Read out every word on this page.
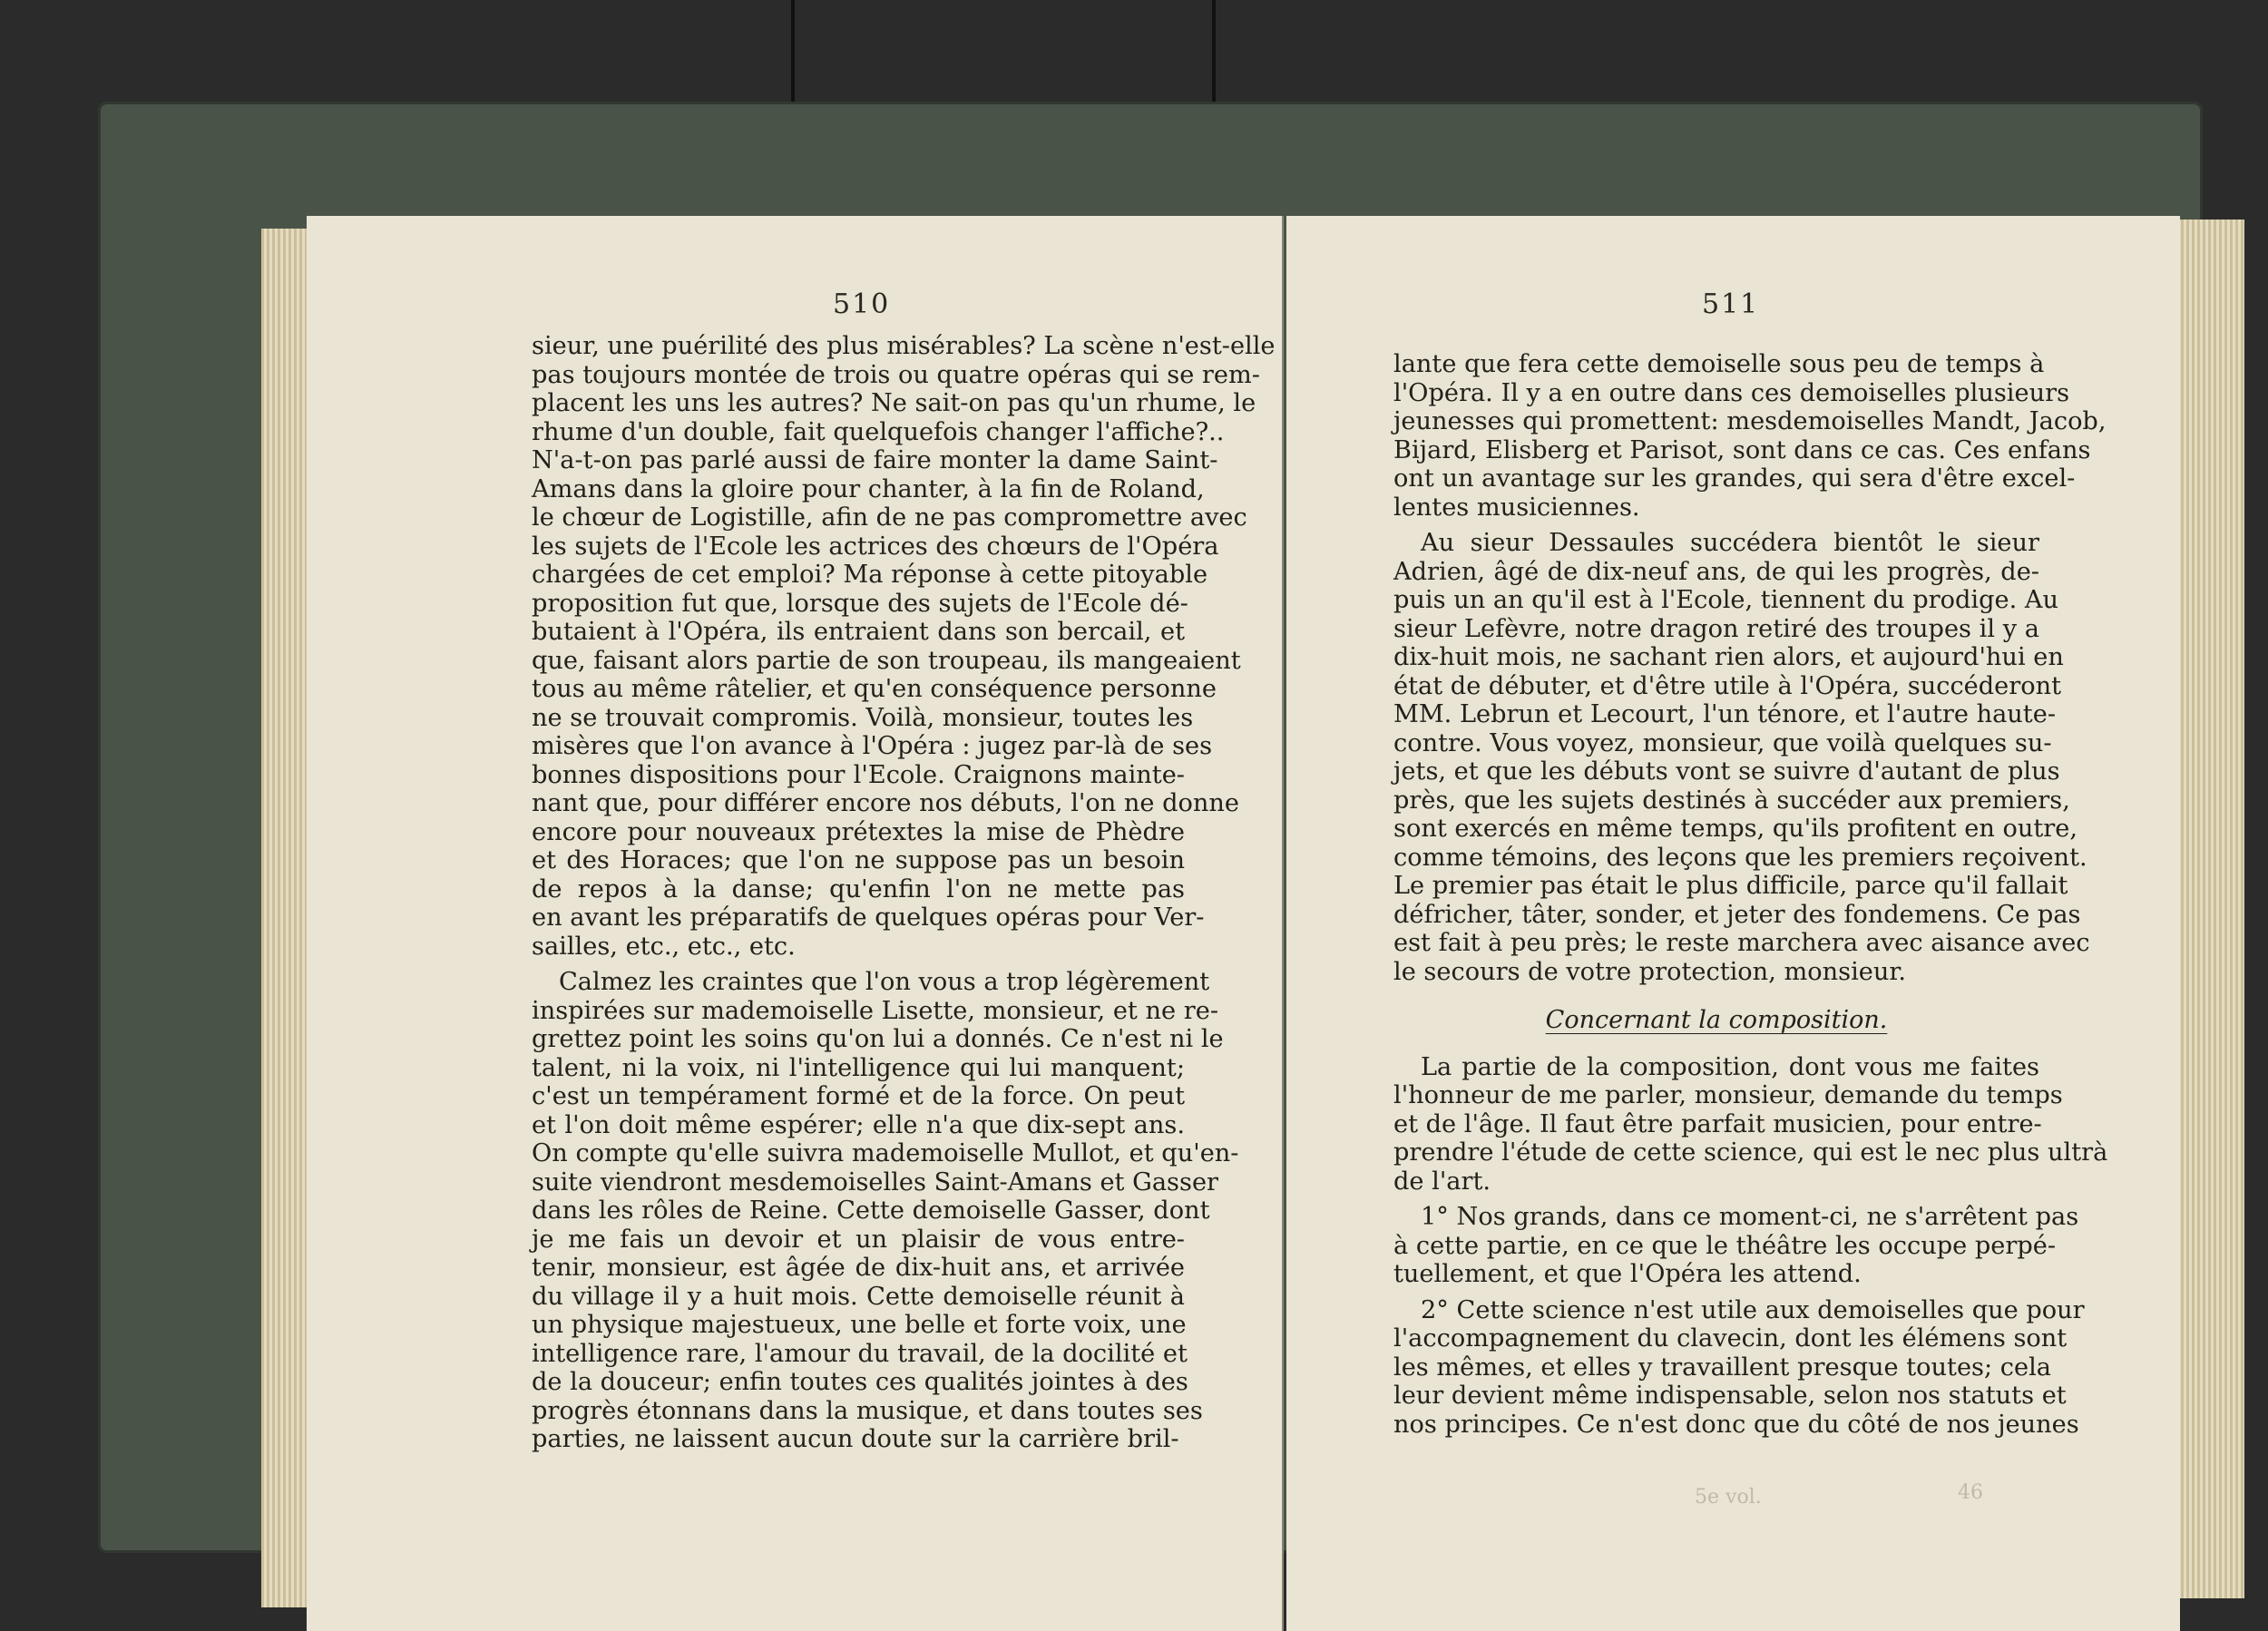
510
sieur, une puérilité des plus misérables? La scène n'est-elle
pas toujours montée de trois ou quatre opéras qui se rem-
placent les uns les autres? Ne sait-on pas qu'un rhume, le
rhume d'un double, fait quelquefois changer l'affiche?..
N'a-t-on pas parlé aussi de faire monter la dame Saint-
Amans dans la gloire pour chanter, à la fin de Roland,
le chœur de Logistille, afin de ne pas compromettre avec
les sujets de l'Ecole les actrices des chœurs de l'Opéra
chargées de cet emploi? Ma réponse à cette pitoyable
proposition fut que, lorsque des sujets de l'Ecole dé-
butaient à l'Opéra, ils entraient dans son bercail, et
que, faisant alors partie de son troupeau, ils mangeaient
tous au même râtelier, et qu'en conséquence personne
ne se trouvait compromis. Voilà, monsieur, toutes les
misères que l'on avance à l'Opéra : jugez par-là de ses
bonnes dispositions pour l'Ecole. Craignons mainte-
nant que, pour différer encore nos débuts, l'on ne donne
encore pour nouveaux prétextes la mise de Phèdre
et des Horaces; que l'on ne suppose pas un besoin
de repos à la danse; qu'enfin l'on ne mette pas
en avant les préparatifs de quelques opéras pour Ver-
sailles, etc., etc., etc.
Calmez les craintes que l'on vous a trop légèrement
inspirées sur mademoiselle Lisette, monsieur, et ne re-
grettez point les soins qu'on lui a donnés. Ce n'est ni le
talent, ni la voix, ni l'intelligence qui lui manquent;
c'est un tempérament formé et de la force. On peut
et l'on doit même espérer; elle n'a que dix-sept ans.
On compte qu'elle suivra mademoiselle Mullot, et qu'en-
suite viendront mesdemoiselles Saint-Amans et Gasser
dans les rôles de Reine. Cette demoiselle Gasser, dont
je me fais un devoir et un plaisir de vous entre-
tenir, monsieur, est âgée de dix-huit ans, et arrivée
du village il y a huit mois. Cette demoiselle réunit à
un physique majestueux, une belle et forte voix, une
intelligence rare, l'amour du travail, de la docilité et
de la douceur; enfin toutes ces qualités jointes à des
progrès étonnans dans la musique, et dans toutes ses
parties, ne laissent aucun doute sur la carrière bril-
511
lante que fera cette demoiselle sous peu de temps à
l'Opéra. Il y a en outre dans ces demoiselles plusieurs
jeunesses qui promettent: mesdemoiselles Mandt, Jacob,
Bijard, Elisberg et Parisot, sont dans ce cas. Ces enfans
ont un avantage sur les grandes, qui sera d'être excel-
lentes musiciennes.
Au sieur Dessaules succédera bientôt le sieur
Adrien, âgé de dix-neuf ans, de qui les progrès, de-
puis un an qu'il est à l'Ecole, tiennent du prodige. Au
sieur Lefèvre, notre dragon retiré des troupes il y a
dix-huit mois, ne sachant rien alors, et aujourd'hui en
état de débuter, et d'être utile à l'Opéra, succéderont
MM. Lebrun et Lecourt, l'un ténore, et l'autre haute-
contre. Vous voyez, monsieur, que voilà quelques su-
jets, et que les débuts vont se suivre d'autant de plus
près, que les sujets destinés à succéder aux premiers,
sont exercés en même temps, qu'ils profitent en outre,
comme témoins, des leçons que les premiers reçoivent.
Le premier pas était le plus difficile, parce qu'il fallait
défricher, tâter, sonder, et jeter des fondemens. Ce pas
est fait à peu près; le reste marchera avec aisance avec
le secours de votre protection, monsieur.
Concernant la composition.
La partie de la composition, dont vous me faites
l'honneur de me parler, monsieur, demande du temps
et de l'âge. Il faut être parfait musicien, pour entre-
prendre l'étude de cette science, qui est le nec plus ultrà
de l'art.
1° Nos grands, dans ce moment-ci, ne s'arrêtent pas
à cette partie, en ce que le théâtre les occupe perpé-
tuellement, et que l'Opéra les attend.
2° Cette science n'est utile aux demoiselles que pour
l'accompagnement du clavecin, dont les élémens sont
les mêmes, et elles y travaillent presque toutes; cela
leur devient même indispensable, selon nos statuts et
nos principes. Ce n'est donc que du côté de nos jeunes
5e vol.	46
